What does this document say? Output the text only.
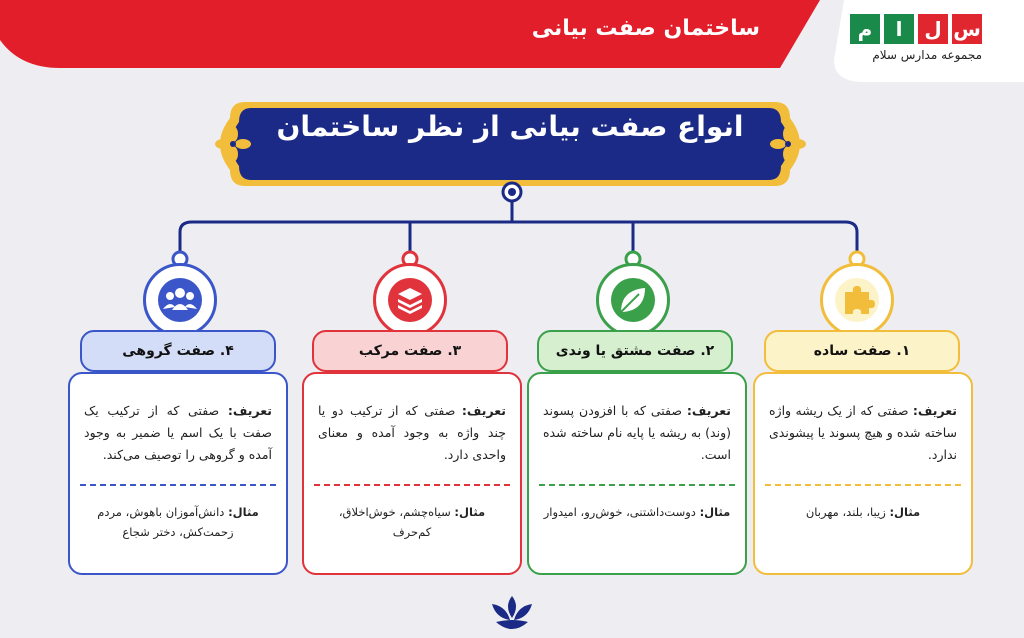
ساختمان صفت بیانی	س
ل
ا
م
مجموعه مدارس سلام
انواع صفت بیانی از نظر ساختمان
۴. صفت گروهی
تعریف: صفتی که از ترکیب یک صفت با یک اسم یا ضمیر به وجود آمده و گروهی را توصیف می‌کند.
مثال: دانش‌آموزان باهوش، مردم زحمت‌کش، دختر شجاع
۳. صفت مرکب
تعریف: صفتی که از ترکیب دو یا چند واژه به وجود آمده و معنای واحدی دارد.
مثال: سیاه‌چشم، خوش‌اخلاق، کم‌حرف
۲. صفت مشتق یا وندی
تعریف: صفتی که با افزودن پسوند (وند) به ریشه یا پایه نام ساخته شده است.
مثال: دوست‌داشتنی، خوش‌رو، امیدوار
۱. صفت ساده
تعریف: صفتی که از یک ریشه واژه ساخته شده و هیچ پسوند یا پیشوندی ندارد.
مثال: زیبا، بلند، مهربان
